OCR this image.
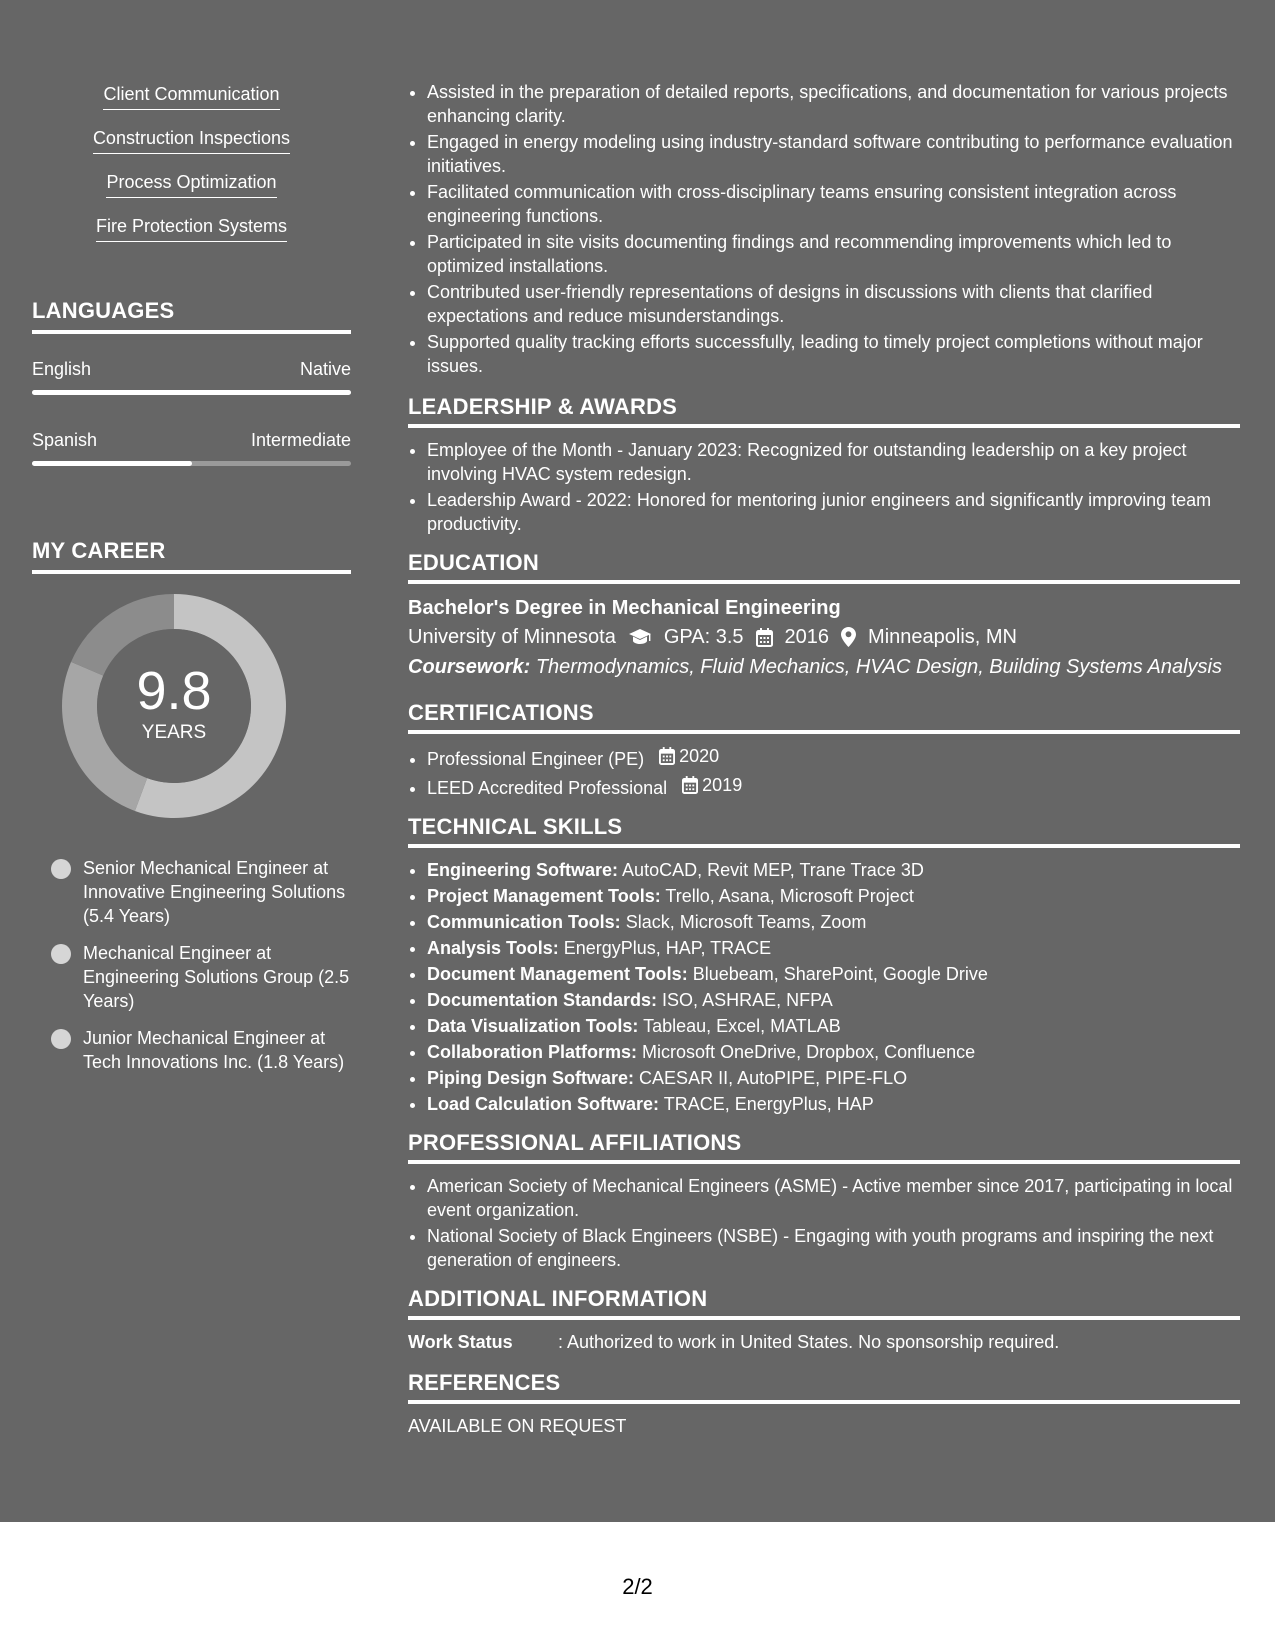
Client Communication
Construction Inspections
Process Optimization
Fire Protection Systems
LANGUAGES
English	Native
Spanish	Intermediate
MY CAREER
9.8
YEARS
Senior Mechanical Engineer at Innovative Engineering Solutions (5.4 Years)
Mechanical Engineer at Engineering Solutions Group (2.5 Years)
Junior Mechanical Engineer at Tech Innovations Inc. (1.8 Years)
• Assisted in the preparation of detailed reports, specifications, and documentation for various projects enhancing clarity.
• Engaged in energy modeling using industry-standard software contributing to performance evaluation initiatives.
• Facilitated communication with cross-disciplinary teams ensuring consistent integration across engineering functions.
• Participated in site visits documenting findings and recommending improvements which led to optimized installations.
• Contributed user-friendly representations of designs in discussions with clients that clarified expectations and reduce misunderstandings.
• Supported quality tracking efforts successfully, leading to timely project completions without major issues.
LEADERSHIP & AWARDS
• Employee of the Month - January 2023: Recognized for outstanding leadership on a key project involving HVAC system redesign.
• Leadership Award - 2022: Honored for mentoring junior engineers and significantly improving team productivity.
EDUCATION
Bachelor's Degree in Mechanical Engineering
University of Minnesota GPA: 3.5 2016 Minneapolis, MN
Coursework: Thermodynamics, Fluid Mechanics, HVAC Design, Building Systems Analysis
CERTIFICATIONS
• Professional Engineer (PE) 2020
• LEED Accredited Professional 2019
TECHNICAL SKILLS
• Engineering Software: AutoCAD, Revit MEP, Trane Trace 3D
• Project Management Tools: Trello, Asana, Microsoft Project
• Communication Tools: Slack, Microsoft Teams, Zoom
• Analysis Tools: EnergyPlus, HAP, TRACE
• Document Management Tools: Bluebeam, SharePoint, Google Drive
• Documentation Standards: ISO, ASHRAE, NFPA
• Data Visualization Tools: Tableau, Excel, MATLAB
• Collaboration Platforms: Microsoft OneDrive, Dropbox, Confluence
• Piping Design Software: CAESAR II, AutoPIPE, PIPE-FLO
• Load Calculation Software: TRACE, EnergyPlus, HAP
PROFESSIONAL AFFILIATIONS
• American Society of Mechanical Engineers (ASME) - Active member since 2017, participating in local event organization.
• National Society of Black Engineers (NSBE) - Engaging with youth programs and inspiring the next generation of engineers.
ADDITIONAL INFORMATION
Work Status	: Authorized to work in United States. No sponsorship required.
REFERENCES
AVAILABLE ON REQUEST
2/2
